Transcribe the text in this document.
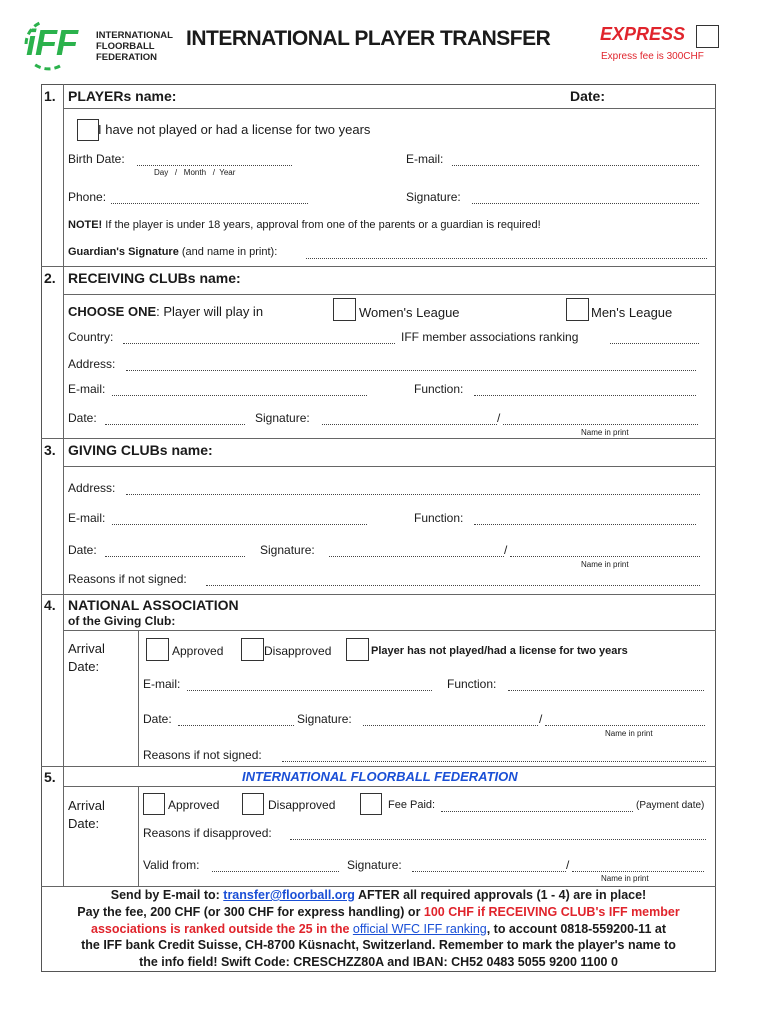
iFF INTERNATIONAL
FLOORBALL
FEDERATION
INTERNATIONAL PLAYER TRANSFER	EXPRESS
Express fee is 300CHF
1. PLAYERs name:	Date:
I have not played or had a license for two years
Birth Date:
Day   /   Month   /  Year
E-mail:
Phone:	Signature:
NOTE! If the player is under 18 years, approval from one of the parents or a guardian is required!
Guardian's Signature (and name in print):
2. RECEIVING CLUBs name:
CHOOSE ONE: Player will play in	Women's League	Men's League
Country:	IFF member associations ranking
Address:
E-mail:	Function:
Date:	Signature:	/
Name in print
3. GIVING CLUBs name:
Address:
E-mail:	Function:
Date:	Signature:	/
Name in print
Reasons if not signed:
4. NATIONAL ASSOCIATION
of the Giving Club:
Arrival
Date:
Approved	Disapproved	Player has not played/had a license for two years
E-mail:	Function:
Date:	Signature:	/
Name in print
Reasons if not signed:
5.	INTERNATIONAL FLOORBALL FEDERATION
Arrival
Date:
Approved	Disapproved	Fee Paid:	(Payment date)
Reasons if disapproved:
Valid from:	Signature:	/
Name in print
Send by E-mail to: transfer@floorball.org AFTER all required approvals (1 - 4) are in place!
Pay the fee, 200 CHF (or 300 CHF for express handling) or 100 CHF if RECEIVING CLUB's IFF member
associations is ranked outside the 25 in the official WFC IFF ranking, to account 0818-559200-11 at
the IFF bank Credit Suisse, CH-8700 Küsnacht, Switzerland. Remember to mark the player's name to
the info field! Swift Code: CRESCHZZ80A and IBAN: CH52 0483 5055 9200 1100 0
